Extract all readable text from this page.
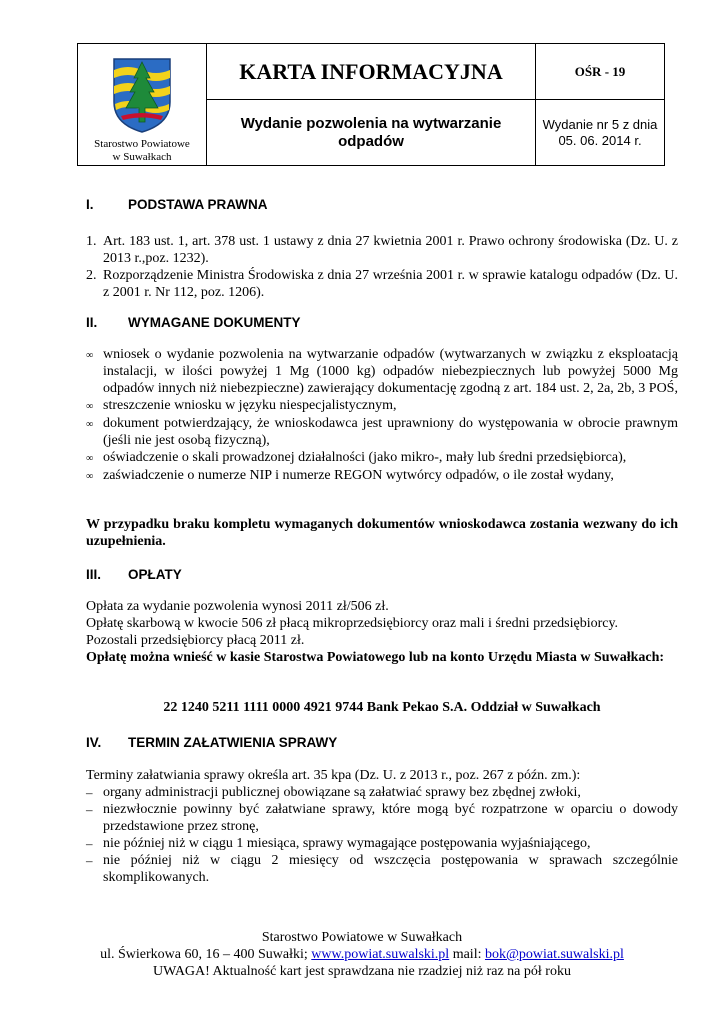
Starostwo Powiatowe
w Suwałkach	KARTA INFORMACYJNA	OŚR - 19
	Wydanie pozwolenia na wytwarzanie odpadów	Wydanie nr 5 z dnia
05. 06. 2014 r.
I.	PODSTAWA PRAWNA
1. Art. 183 ust. 1, art. 378 ust. 1 ustawy z dnia 27 kwietnia 2001 r. Prawo ochrony środowiska (Dz. U. z 2013 r.,poz. 1232).
2. Rozporządzenie Ministra Środowiska z dnia 27 września 2001 r. w sprawie katalogu odpadów (Dz. U. z 2001 r. Nr 112, poz. 1206).
II. WYMAGANE DOKUMENTY
∞ wniosek o wydanie pozwolenia na wytwarzanie odpadów (wytwarzanych w związku z eksploatacją instalacji, w ilości powyżej 1 Mg (1000 kg) odpadów niebezpiecznych lub powyżej 5000 Mg odpadów innych niż niebezpieczne) zawierający dokumentację zgodną z art. 184 ust. 2, 2a, 2b, 3 POŚ,
∞ streszczenie wniosku w języku niespecjalistycznym,
∞ dokument potwierdzający, że wnioskodawca jest uprawniony do występowania w obrocie prawnym (jeśli nie jest osobą fizyczną),
∞ oświadczenie o skali prowadzonej działalności (jako mikro-, mały lub średni przedsiębiorca),
∞ zaświadczenie o numerze NIP i numerze REGON wytwórcy odpadów, o ile został wydany,
W przypadku braku kompletu wymaganych dokumentów wnioskodawca zostania wezwany do ich uzupełnienia.
III. OPŁATY
Opłata za wydanie pozwolenia wynosi 2011 zł/506 zł.
Opłatę skarbową w kwocie 506 zł płacą mikroprzedsiębiorcy oraz mali i średni przedsiębiorcy.
Pozostali przedsiębiorcy płacą 2011 zł.
Opłatę można wnieść w kasie Starostwa Powiatowego lub na konto Urzędu Miasta w Suwałkach:
22 1240 5211 1111 0000 4921 9744 Bank Pekao S.A. Oddział w Suwałkach
IV. TERMIN ZAŁATWIENIA SPRAWY
Terminy załatwiania sprawy określa art. 35 kpa (Dz. U. z 2013 r., poz. 267 z późn. zm.):
– organy administracji publicznej obowiązane są załatwiać sprawy bez zbędnej zwłoki,
– niezwłocznie powinny być załatwiane sprawy, które mogą być rozpatrzone w oparciu o dowody przedstawione przez stronę,
– nie później niż w ciągu 1 miesiąca, sprawy wymagające postępowania wyjaśniającego,
– nie później niż w ciągu 2 miesięcy od wszczęcia postępowania w sprawach szczególnie skomplikowanych.
Starostwo Powiatowe w Suwałkach
ul. Świerkowa 60, 16 – 400 Suwałki; www.powiat.suwalski.pl mail: bok@powiat.suwalski.pl
UWAGA! Aktualność kart jest sprawdzana nie rzadziej niż raz na pół roku
